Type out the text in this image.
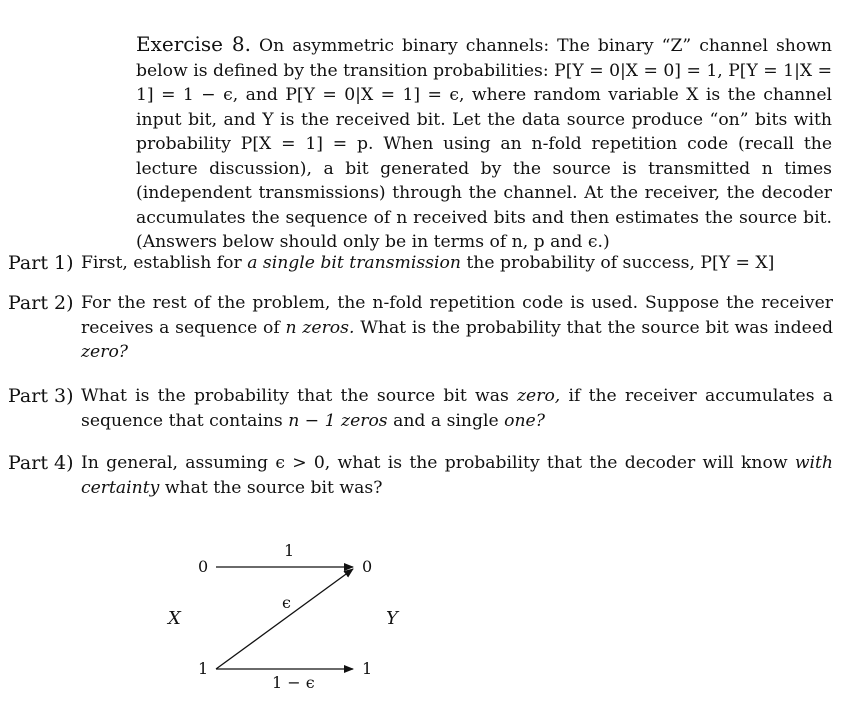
Exercise 8. On asymmetric binary channels: The binary “Z” channel shown below is defined by the transition probabilities: P[Y = 0|X = 0] = 1, P[Y = 1|X = 1] = 1 − ϵ, and P[Y = 0|X = 1] = ϵ, where random variable X is the channel input bit, and Y is the received bit. Let the data source produce “on” bits with probability P[X = 1] = p. When using an n-fold repetition code (recall the lecture discussion), a bit generated by the source is transmitted n times (independent transmissions) through the channel. At the receiver, the decoder accumulates the sequence of n received bits and then estimates the source bit. (Answers below should only be in terms of n, p and ϵ.)
Part 1) First, establish for a single bit transmission the probability of success, P[Y = X]
Part 2) For the rest of the problem, the n-fold repetition code is used. Suppose the receiver receives a sequence of n zeros. What is the probability that the source bit was indeed zero?
Part 3) What is the probability that the source bit was zero, if the receiver accumulates a sequence that contains n − 1 zeros and a single one?
Part 4) In general, assuming ϵ > 0, what is the probability that the decoder will know with certainty what the source bit was?
0
1
0
1
1
ϵ
1 − ϵ
X	Y
